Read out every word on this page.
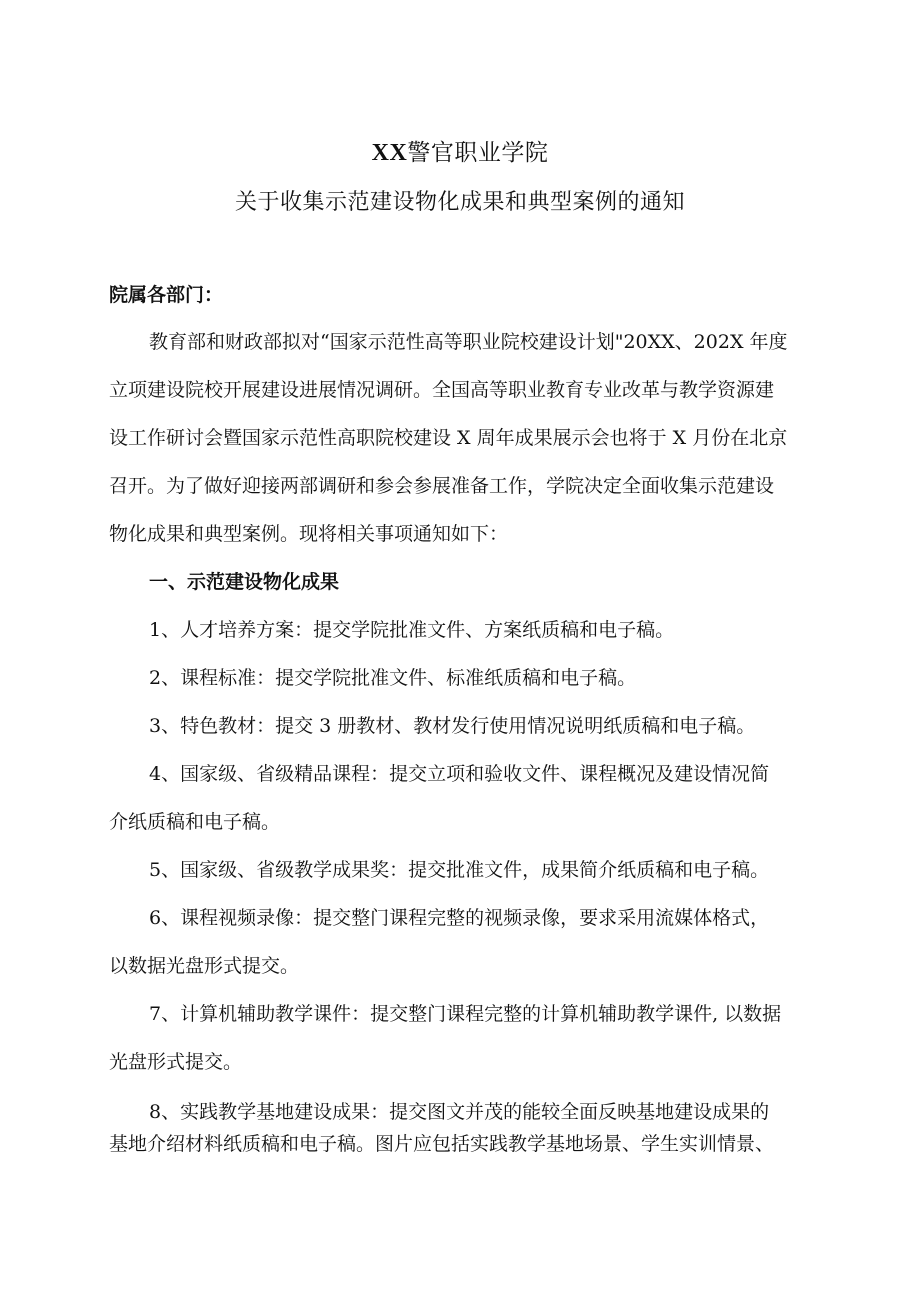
XX警官职业学院
关于收集示范建设物化成果和典型案例的通知
院属各部门：
教育部和财政部拟对“国家示范性高等职业院校建设计划"20XX、202X 年度
立项建设院校开展建设进展情况调研。全国高等职业教育专业改革与教学资源建
设工作研讨会暨国家示范性高职院校建设 X 周年成果展示会也将于 X 月份在北京
召开。为了做好迎接两部调研和参会参展准备工作，学院决定全面收集示范建设
物化成果和典型案例。现将相关事项通知如下：
一、示范建设物化成果
1、人才培养方案：提交学院批准文件、方案纸质稿和电子稿。
2、课程标准：提交学院批准文件、标准纸质稿和电子稿。
3、特色教材：提交 3 册教材、教材发行使用情况说明纸质稿和电子稿。
4、国家级、省级精品课程：提交立项和验收文件、课程概况及建设情况简
介纸质稿和电子稿。
5、国家级、省级教学成果奖：提交批准文件，成果简介纸质稿和电子稿。
6、课程视频录像：提交整门课程完整的视频录像，要求采用流媒体格式，
以数据光盘形式提交。
7、计算机辅助教学课件：提交整门课程完整的计算机辅助教学课件, 以数据
光盘形式提交。
8、实践教学基地建设成果：提交图文并茂的能较全面反映基地建设成果的
基地介绍材料纸质稿和电子稿。图片应包括实践教学基地场景、学生实训情景、
